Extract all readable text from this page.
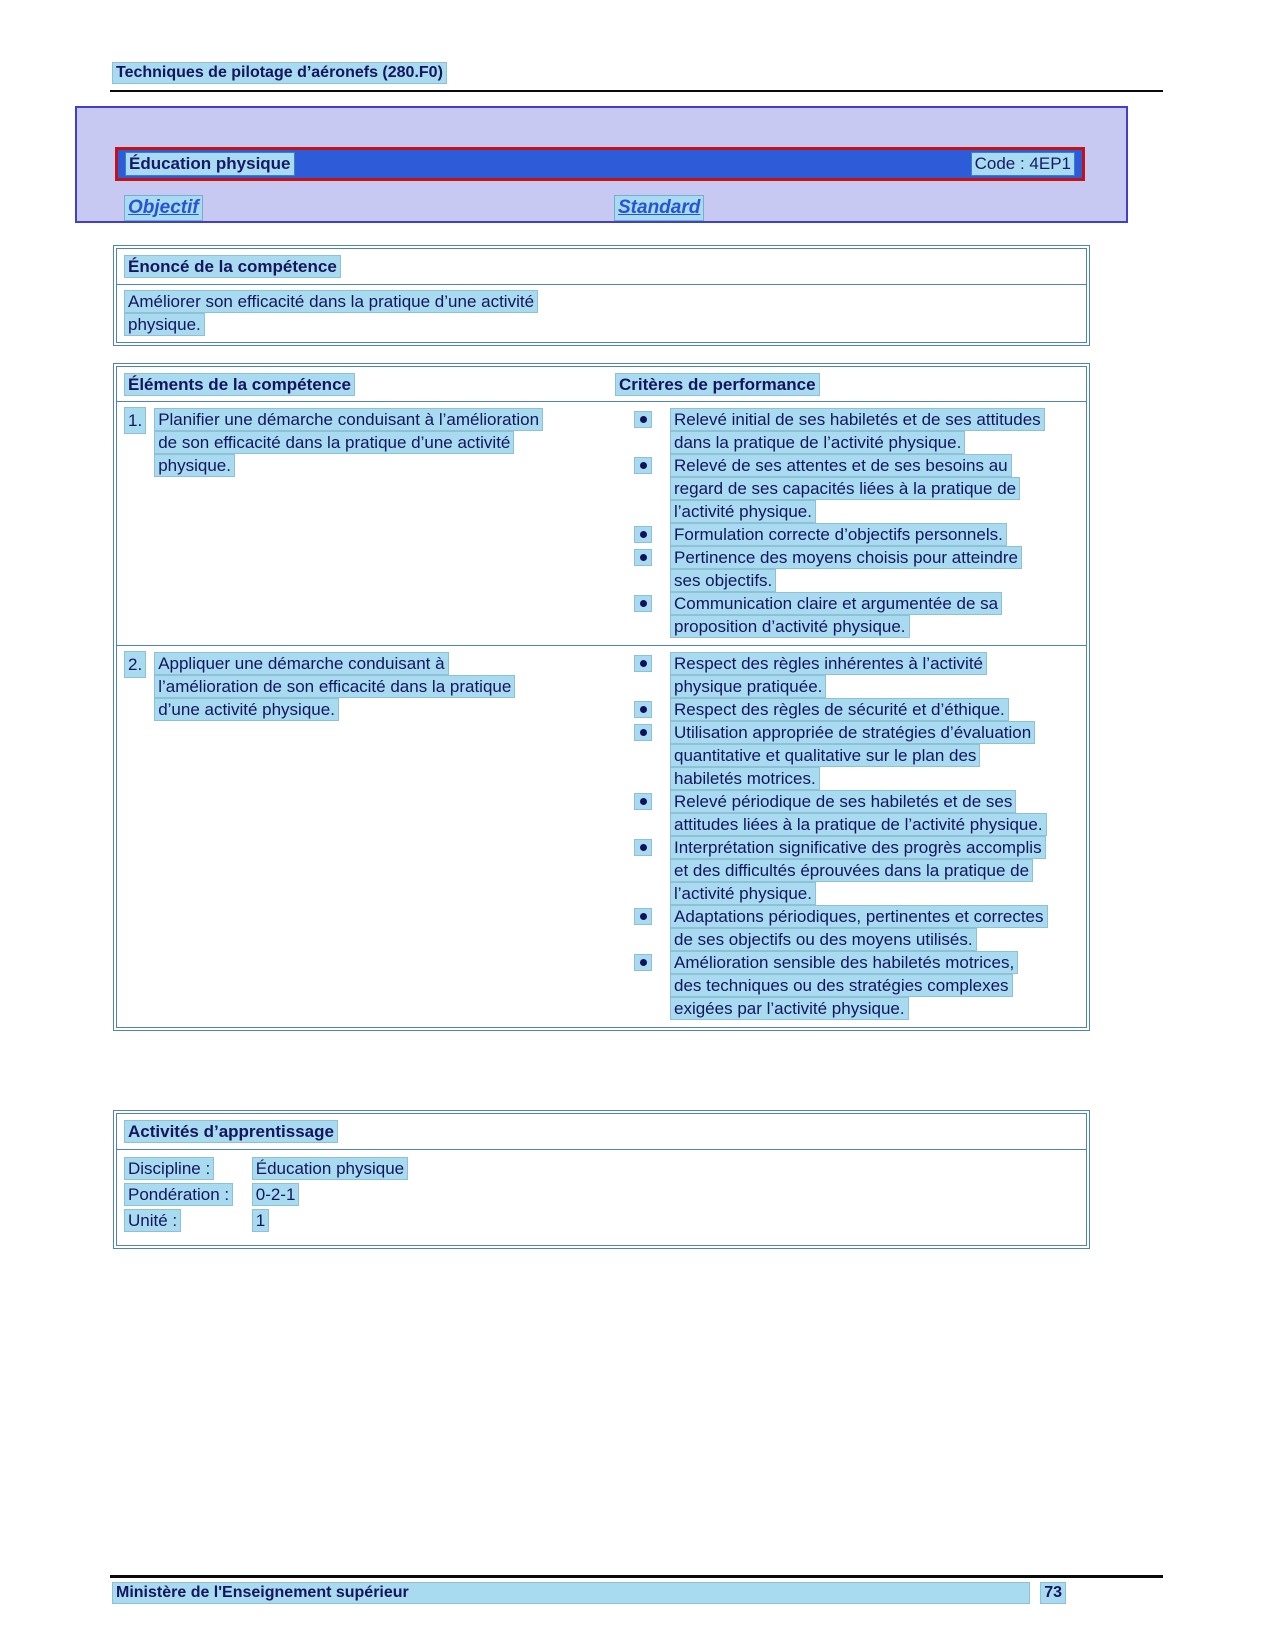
Techniques de pilotage d’aéronefs (280.F0)
Éducation physique	Code : 4EP1
Objectif	Standard
Énoncé de la compétence
Améliorer son efficacité dans la pratique d’une activité physique.
Éléments de la compétence	Critères de performance
1. Planifier une démarche conduisant à l’amélioration de son efficacité dans la pratique d’une activité physique.
Relevé initial de ses habiletés et de ses attitudes dans la pratique de l’activité physique.
Relevé de ses attentes et de ses besoins au regard de ses capacités liées à la pratique de l’activité physique.
Formulation correcte d’objectifs personnels.
Pertinence des moyens choisis pour atteindre ses objectifs.
Communication claire et argumentée de sa proposition d’activité physique.
2. Appliquer une démarche conduisant à l’amélioration de son efficacité dans la pratique d’une activité physique.
Respect des règles inhérentes à l’activité physique pratiquée.
Respect des règles de sécurité et d’éthique.
Utilisation appropriée de stratégies d’évaluation quantitative et qualitative sur le plan des habiletés motrices.
Relevé périodique de ses habiletés et de ses attitudes liées à la pratique de l’activité physique.
Interprétation significative des progrès accomplis et des difficultés éprouvées dans la pratique de l’activité physique.
Adaptations périodiques, pertinentes et correctes de ses objectifs ou des moyens utilisés.
Amélioration sensible des habiletés motrices, des techniques ou des stratégies complexes exigées par l’activité physique.
Activités d’apprentissage
Discipline :	Éducation physique
Pondération : 0-2-1
Unité :	1
Ministère de l'Enseignement supérieur	73
